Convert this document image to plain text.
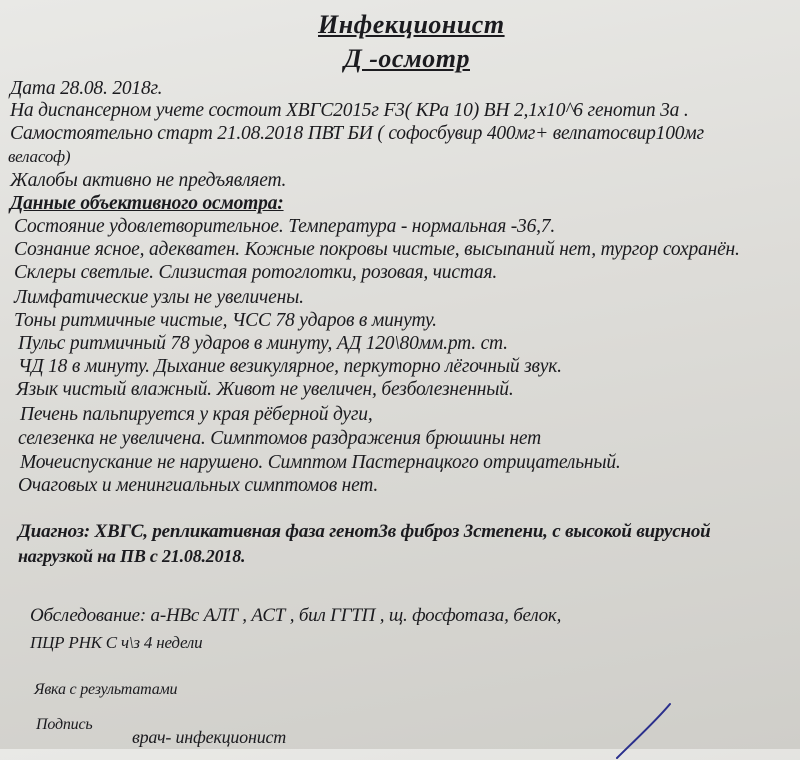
Инфекционист
Д -осмотр
Дата 28.08. 2018г.
На диспансерном учете состоит ХВГС2015г F3( КРа 10) ВН 2,1x10^6 генотип 3а .
Самостоятельно старт 21.08.2018 ПВТ БИ ( софосбувир 400мг+ велпатосвир100мг
веласоф)
Жалобы активно не предъявляет.
Данные объективного осмотра:
Состояние удовлетворительное. Температура - нормальная -36,7.
Сознание ясное, адекватен. Кожные покровы чистые, высыпаний нет, тургор сохранён.
Склеры светлые. Слизистая ротоглотки, розовая, чистая.
Лимфатические узлы не увеличены.
Тоны ритмичные чистые, ЧСС 78 ударов в минуту.
Пульс ритмичный 78 ударов в минуту, АД 120\80мм.рт. ст.
ЧД 18 в минуту. Дыхание везикулярное, перкуторно лёгочный звук.
Язык чистый влажный. Живот не увеличен, безболезненный.
Печень пальпируется у края рёберной дуги,
селезенка не увеличена. Симптомов раздражения брюшины нет
Мочеиспускание не нарушено. Симптом Пастернацкого отрицательный.
Очаговых и менингиальных симптомов нет.
Диагноз: ХВГС, репликативная фаза генот3в фиброз 3степени, с высокой вирусной
нагрузкой на ПВ с 21.08.2018.
Обследование: а-НВс АЛТ , АСТ , бил ГГТП , щ. фосфотаза, белок,
ПЦР РНК С ч\з 4 недели
Явка с результатами
Подпись
врач- инфекционист
